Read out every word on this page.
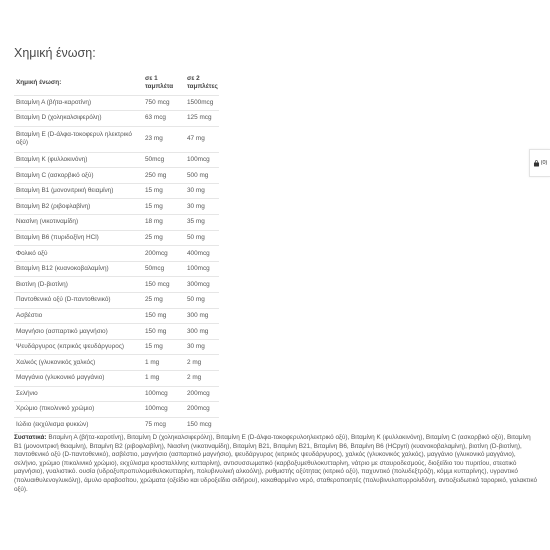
Χημική ένωση:
Χημική ένωση:	σε 1 ταμπλέτα	σε 2 ταμπλέτες
Βιταμίνη Α (βήτα-καροτίνη)	750 mcg	1500mcg
Βιταμίνη D (χοληκαλσιφερόλη)	63 mcg	125 mcg
Βιταμίνη Ε (D-άλφα-τοκοφερυλ ηλεκτρικό οξύ)	23 mg	47 mg
Βιταμίνη Κ (φυλλοκινόνη)	50mcg	100mcg
Βιταμίνη C (ασκορβικό οξύ)	250 mg	500 mg
Βιταμίνη Β1 (μονονιτρική θειαμίνη)	15 mg	30 mg
Βιταμίνη Β2 (ριβοφλαβίνη)	15 mg	30 mg
Νιασίνη (νικοτιναμίδη)	18 mg	35 mg
Βιταμίνη Β6 (πυριδοξίνη HCl)	25 mg	50 mg
Φολικό οξύ	200mcg	400mcg
Βιταμίνη Β12 (κυανοκοβαλαμίνη)	50mcg	100mcg
Βιοτίνη (D-βιοτίνη)	150 mcg	300mcg
Παντοθενικό οξύ (D-παντοθενικό)	25 mg	50 mg
Ασβέστιο	150 mg	300 mg
Μαγνήσιο (ασπαρτικό μαγνήσιο)	150 mg	300 mg
Ψευδάργυρος (κιτρικός ψευδάργυρος)	15 mg	30 mg
Χαλκός (γλυκονικός χαλκός)	1 mg	2 mg
Μαγγάνιο (γλυκονικό μαγγάνιο)	1 mg	2 mg
Σελήνιο	100mcg	200mcg
Χρώμιο (πικολινικό χρώμιο)	100mcg	200mcg
Ιώδιο (εκχύλισμα φυκιών)	75 mcg	150 mcg

Συστατικά: Βιταμίνη Α (βήτα-καροτίνη), Βιταμίνη D (χοληκαλσιφερόλη), Βιταμίνη Ε (D-άλφα-τοκοφερυλοηλεκτρικό οξύ), Βιταμίνη Κ (φυλλοκινόνη), Βιταμίνη C (ασκορβικό οξύ), Βιταμίνη Β1 (μονονιτρική θειαμίνη), Βιταμίνη Β2 (ριβοφλαβίνη), Νιασίνη (νικοτιναμίδη), Βιταμίνη Β21, Βιταμίνη Β21, Βιταμίνη Β6, Βιταμίνη Β6 (HCpyri) (κυανοκοβαλαμίνη), βιοτίνη (D-βιοτίνη), παντοθενικό οξύ (D-παντοθενικό), ασβέστιο, μαγνήσιο (ασπαρτικό μαγνήσιο), ψευδάργυρος (κιτρικός ψευδάργυρος), χαλκός (γλυκονικός χαλκός), μαγγάνιο (γλυκονικό μαγγάνιο), σελήνιο, χρώμιο (πικολινικό χρώμιο), εκχύλισμα κροσταλλίνης κυτταρίνη), αντισυσσωματικό (καρβοξυμεθυλοκυτταρίνη, νάτριο με σταυροδεσμούς, διοξείδιο του πυριτίου, στεατικό μαγνήσιο), γυαλιστικό. ουσία (υδροξυπροπυλομεθυλοκυτταρίνη, πολυβινυλική αλκοόλη), ρυθμιστής οξύτητας (κιτρικό οξύ), παχυντικό (πολυδεξτρόζη, κόμμι κυτταρίνης), υγραντικό (πολυαιθυλενογλυκόλη), άμυλο αραβοσίτου, χρώματα (οξείδιο και υδροξείδιο σιδήρου), κεκαθαρμένο νερό, σταθεροποιητές (πολυβινυλοπυρρολιδόνη, αντιοξειδωτικό ταρορικό, γαλακτικό οξύ).

(0)
